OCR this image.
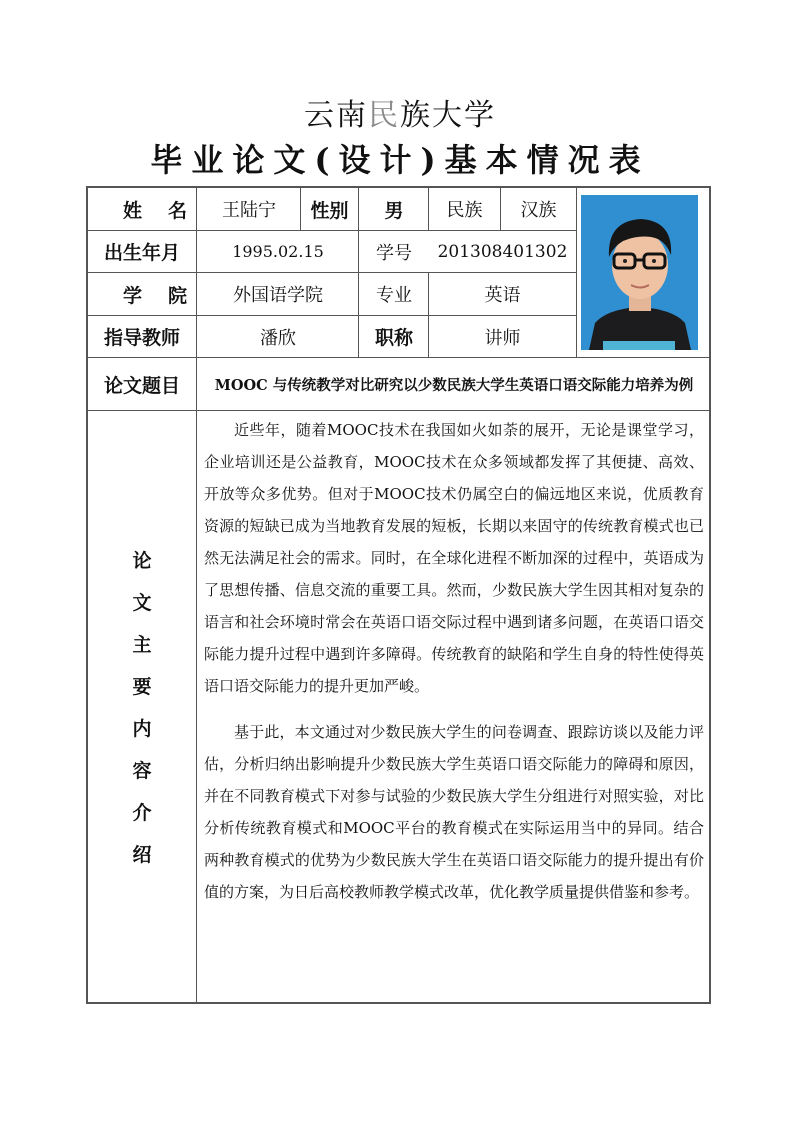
云南民族大学
毕业论文(设计)基本情况表
姓名 王陆宁	性别	男	民族	汉族
出生年月	1995.02.15	学号	201308401302
学院	外国语学院	专业	英语
指导教师	潘欣	职称	讲师
论文题目	MOOC 与传统教学对比研究以少数民族大学生英语口语交际能力培养为例
论
文
主
要
内
容
介
绍

近些年，随着MOOC技术在我国如火如荼的展开，无论是课堂学习，企业培训还是公益教育，MOOC技术在众多领域都发挥了其便捷、高效、开放等众多优势。但对于MOOC技术仍属空白的偏远地区来说，优质教育资源的短缺已成为当地教育发展的短板，长期以来固守的传统教育模式也已然无法满足社会的需求。同时，在全球化进程不断加深的过程中，英语成为了思想传播、信息交流的重要工具。然而，少数民族大学生因其相对复杂的语言和社会环境时常会在英语口语交际过程中遇到诸多问题，在英语口语交际能力提升过程中遇到许多障碍。传统教育的缺陷和学生自身的特性使得英语口语交际能力的提升更加严峻。

基于此，本文通过对少数民族大学生的问卷调查、跟踪访谈以及能力评估，分析归纳出影响提升少数民族大学生英语口语交际能力的障碍和原因，并在不同教育模式下对参与试验的少数民族大学生分组进行对照实验，对比分析传统教育模式和MOOC平台的教育模式在实际运用当中的异同。结合两种教育模式的优势为少数民族大学生在英语口语交际能力的提升提出有价值的方案，为日后高校教师教学模式改革，优化教学质量提供借鉴和参考。
